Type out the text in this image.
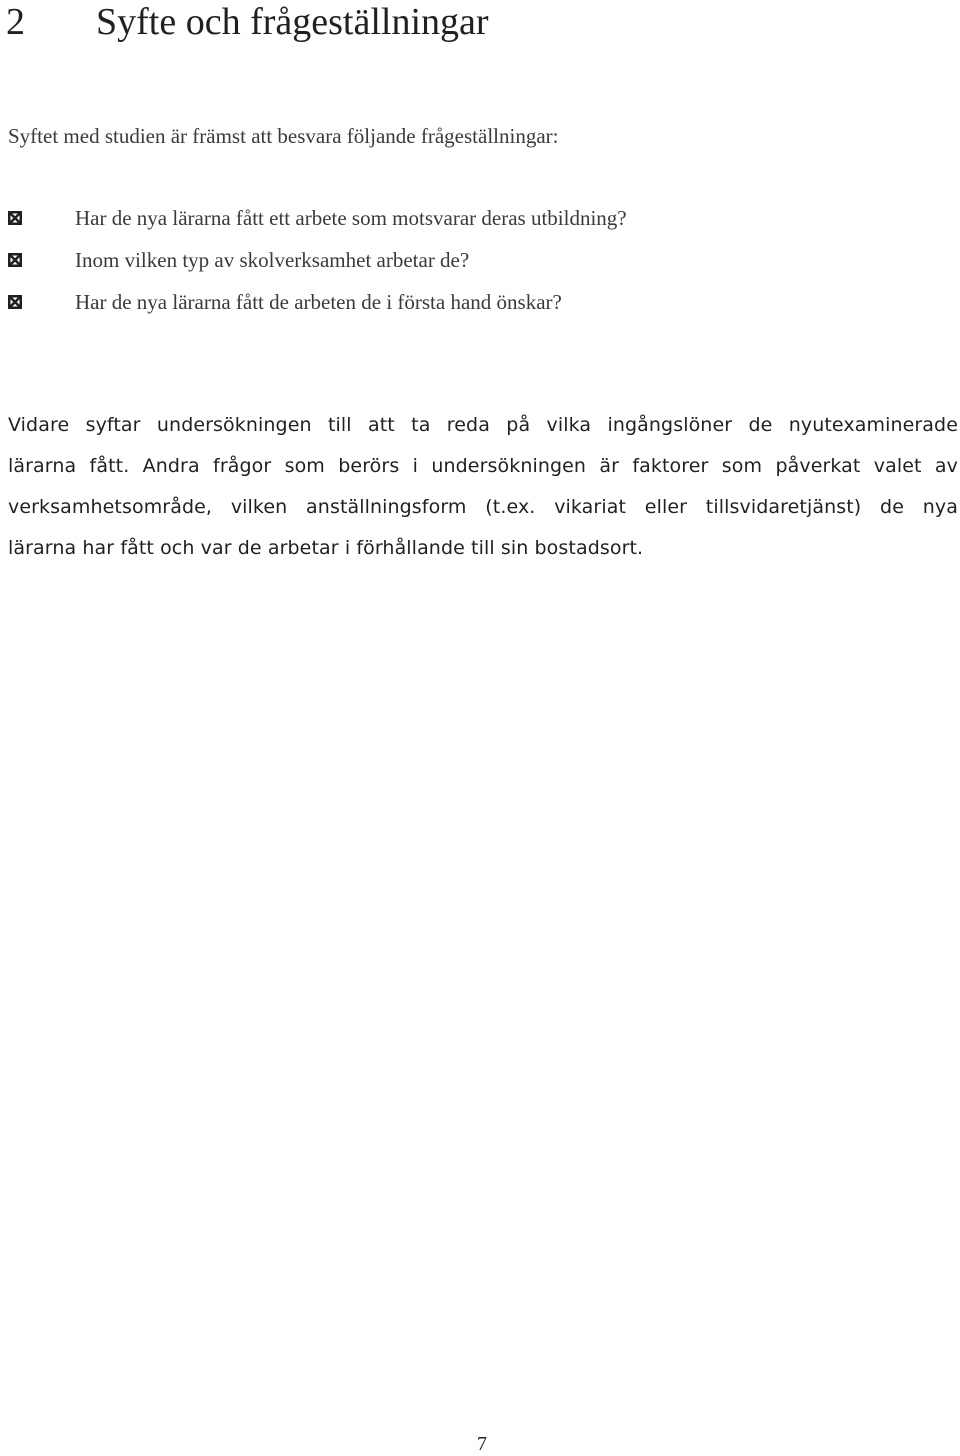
2 Syfte och frågeställningar

Syftet med studien är främst att besvara följande frågeställningar:

Har de nya lärarna fått ett arbete som motsvarar deras utbildning?
Inom vilken typ av skolverksamhet arbetar de?
Har de nya lärarna fått de arbeten de i första hand önskar?

Vidare syftar undersökningen till att ta reda på vilka ingångslöner de nyutexaminerade
lärarna fått. Andra frågor som berörs i undersökningen är faktorer som påverkat valet av
verksamhetsområde, vilken anställningsform (t.ex. vikariat eller tillsvidaretjänst) de nya
lärarna har fått och var de arbetar i förhållande till sin bostadsort.

7
